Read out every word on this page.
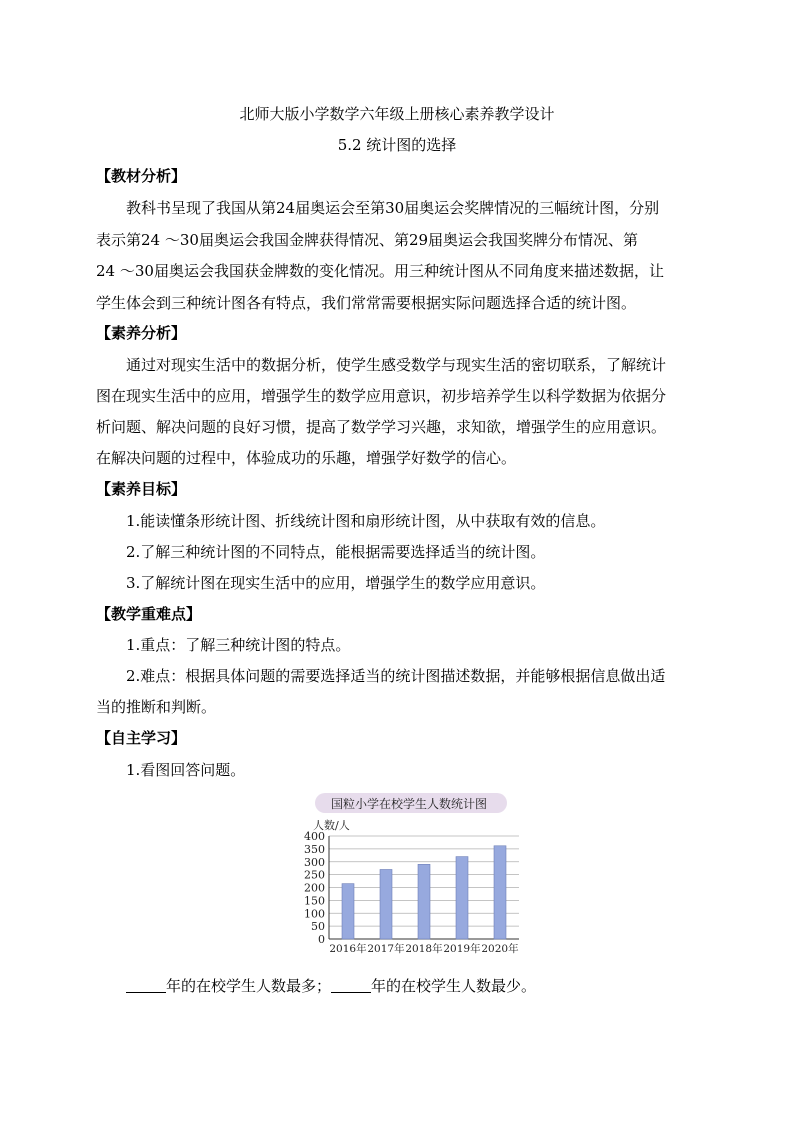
北师大版小学数学六年级上册核心素养教学设计
5.2 统计图的选择
【教材分析】
教科书呈现了我国从第24届奥运会至第30届奥运会奖牌情况的三幅统计图，分别
表示第24 ～30届奥运会我国金牌获得情况、第29届奥运会我国奖牌分布情况、第
24 ～30届奥运会我国获金牌数的变化情况。用三种统计图从不同角度来描述数据，让
学生体会到三种统计图各有特点，我们常常需要根据实际问题选择合适的统计图。
【素养分析】
通过对现实生活中的数据分析，使学生感受数学与现实生活的密切联系，了解统计
图在现实生活中的应用，增强学生的数学应用意识，初步培养学生以科学数据为依据分
析问题、解决问题的良好习惯，提高了数学学习兴趣，求知欲，增强学生的应用意识。
在解决问题的过程中，体验成功的乐趣，增强学好数学的信心。
【素养目标】
1.能读懂条形统计图、折线统计图和扇形统计图，从中获取有效的信息。
2.了解三种统计图的不同特点，能根据需要选择适当的统计图。
3.了解统计图在现实生活中的应用，增强学生的数学应用意识。
【教学重难点】
1.重点：了解三种统计图的特点。
2.难点：根据具体问题的需要选择适当的统计图描述数据，并能够根据信息做出适
当的推断和判断。
【自主学习】
1.看图回答问题。
国粒小学在校学生人数统计图
人数/人
0
50
100
150
200
250
300
350
400
2016年 2017年 2018年 2019年 2020年
年的在校学生人数最多；	年的在校学生人数最少。
